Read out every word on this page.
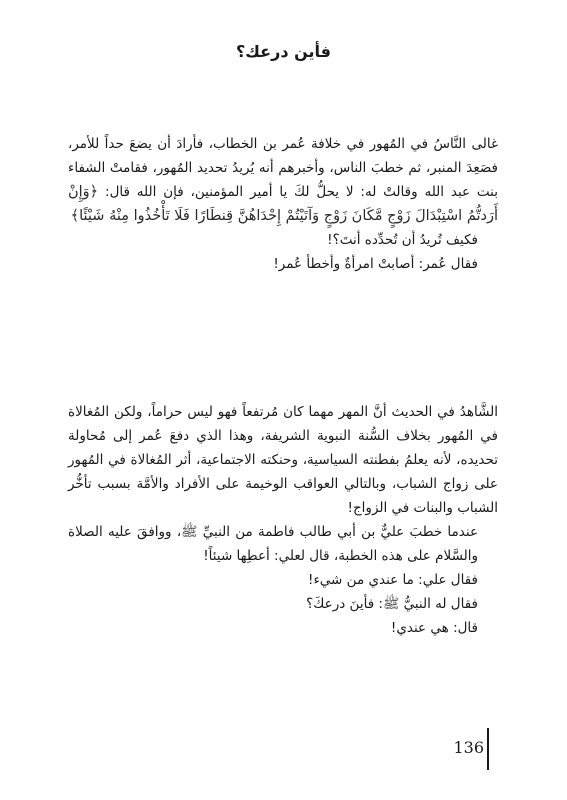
فأين درعك؟

غالى النَّاسُ في المُهور في خلافة عُمر بن الخطاب، فأرادَ أن يضعَ حداً للأمر، فصَعِدَ المنبر، ثم خطبَ الناس، وأخبرهم أنه يُريدُ تحديد المُهور، فقامتْ الشفاء بنت عبد الله وقالتْ له: لا يحلُّ لكَ يا أمير المؤمنين، فإن الله قال: ﴿وَإِنْ أَرَدتُّمُ اسْتِبْدَالَ زَوْجٍ مَّكَانَ زَوْجٍ وَآتَيْتُمْ إِحْدَاهُنَّ قِنطَارًا فَلَا تَأْخُذُوا مِنْهُ شَيْئًا﴾

فكيف تُريدُ أن تُحدِّده أنتَ؟!

فقال عُمر: أصابتْ امرأةٌ وأخطأ عُمر!

الشَّاهدُ في الحديث أنَّ المهر مهما كان مُرتفعاً فهو ليس حراماً، ولكن المُغالاة في المُهور بخلاف السُّنة النبوية الشريفة، وهذا الذي دفعَ عُمر إلى مُحاولة تحديده، لأنه يعلمُ بفطنته السياسية، وحنكته الاجتماعية، أثر المُغالاة في المُهور على زواج الشباب، وبالتالي العواقب الوخيمة على الأفراد والأمَّة بسبب تأخُّر الشباب والبنات في الزواج!

عندما خطبَ عليٌّ بن أبي طالب فاطمة من النبيِّ ﷺ، ووافقَ عليه الصلاة والسَّلام على هذه الخطبة، قال لعلي: أعطِها شيئاً!

فقال علي: ما عندي من شيء!

فقال له النبيُّ ﷺ: فأينَ درعكَ؟

قال: هي عندي!

136
